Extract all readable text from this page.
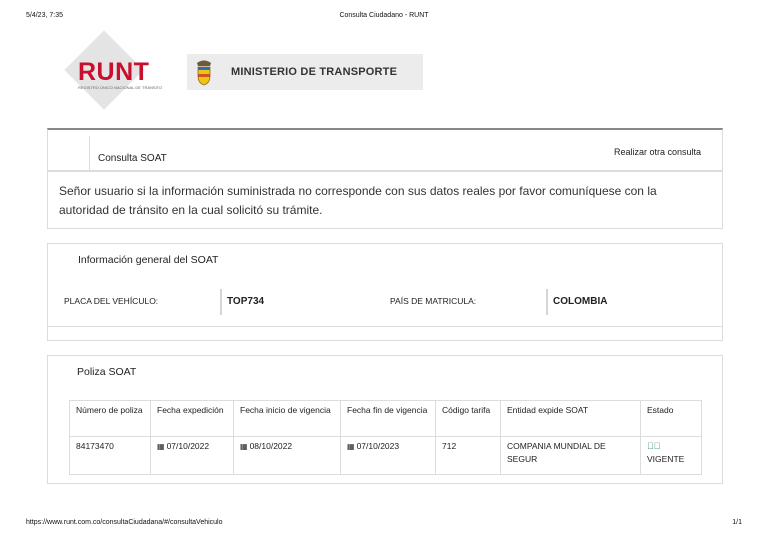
5/4/23, 7:35	Consulta Ciudadano - RUNT
RUNT
REGISTRO ÚNICO NACIONAL DE TRÁNSITO
MINISTERIO DE TRANSPORTE
Consulta SOAT
Realizar otra consulta

Señor usuario si la información suministrada no corresponde con sus datos reales por favor comuníquese con la autoridad de tránsito en la cual solicitó su trámite.

Información general del SOAT
PLACA DEL VEHÍCULO:	TOP734	PAÍS DE MATRICULA:	COLOMBIA
Poliza SOAT
Número de poliza	Fecha expedición	Fecha inicio de vigencia	Fecha fin de vigencia	Código tarifa	Entidad expide SOAT	Estado
84173470	▦ 07/10/2022	▦ 08/10/2022	▦ 07/10/2023	712	COMPANIA MUNDIAL DE SEGUR	✓⃝
VIGENTE
https://www.runt.com.co/consultaCiudadana/#/consultaVehiculo	1/1
